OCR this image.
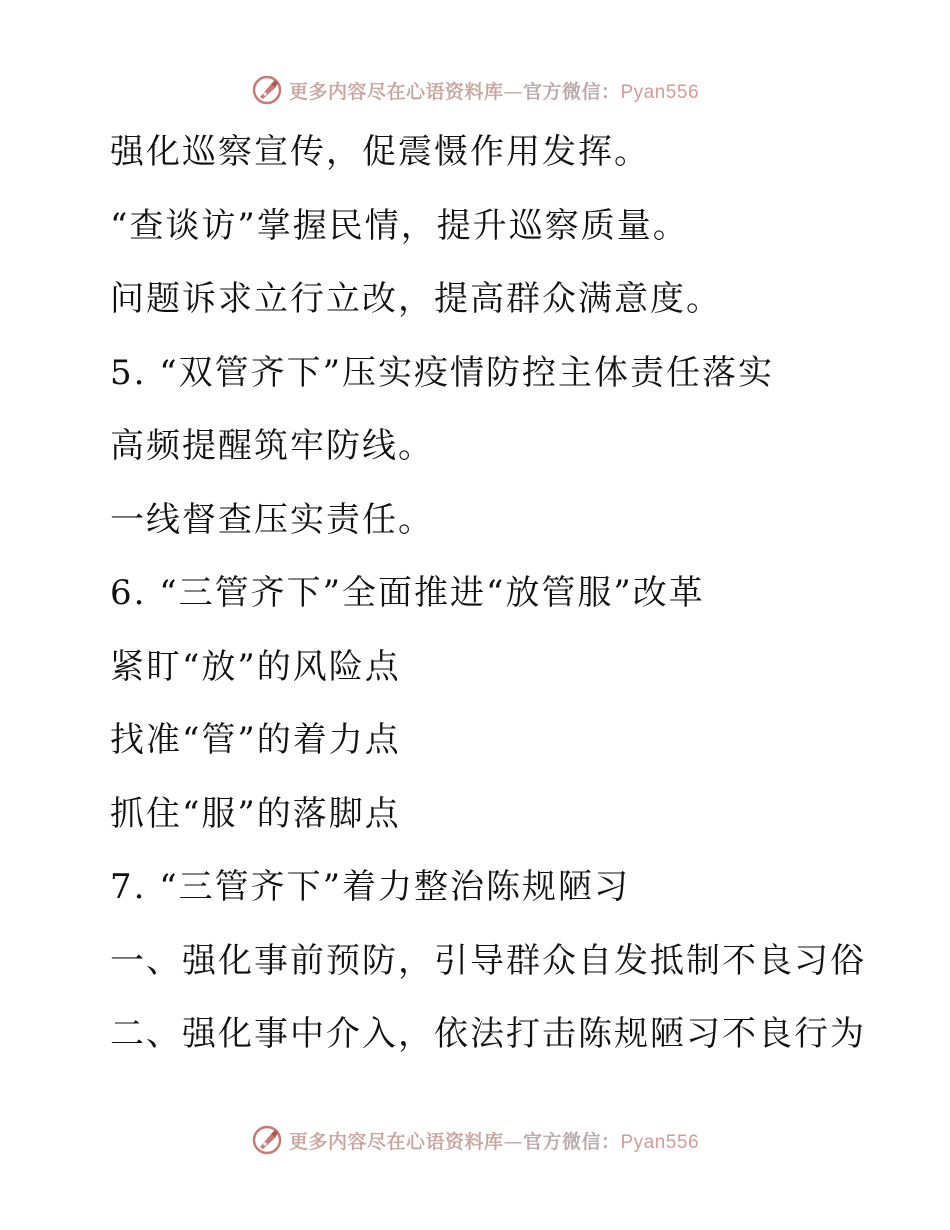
更多内容尽在心语资料库—官方微信：Pyan556
强化巡察宣传，促震慑作用发挥。
“查谈访”掌握民情，提升巡察质量。
问题诉求立行立改，提高群众满意度。
5. “双管齐下”压实疫情防控主体责任落实
高频提醒筑牢防线。
一线督查压实责任。
6. “三管齐下”全面推进“放管服”改革
紧盯“放”的风险点
找准“管”的着力点
抓住“服”的落脚点
7. “三管齐下”着力整治陈规陋习
一、强化事前预防，引导群众自发抵制不良习俗
二、强化事中介入，依法打击陈规陋习不良行为
更多内容尽在心语资料库—官方微信：Pyan556
